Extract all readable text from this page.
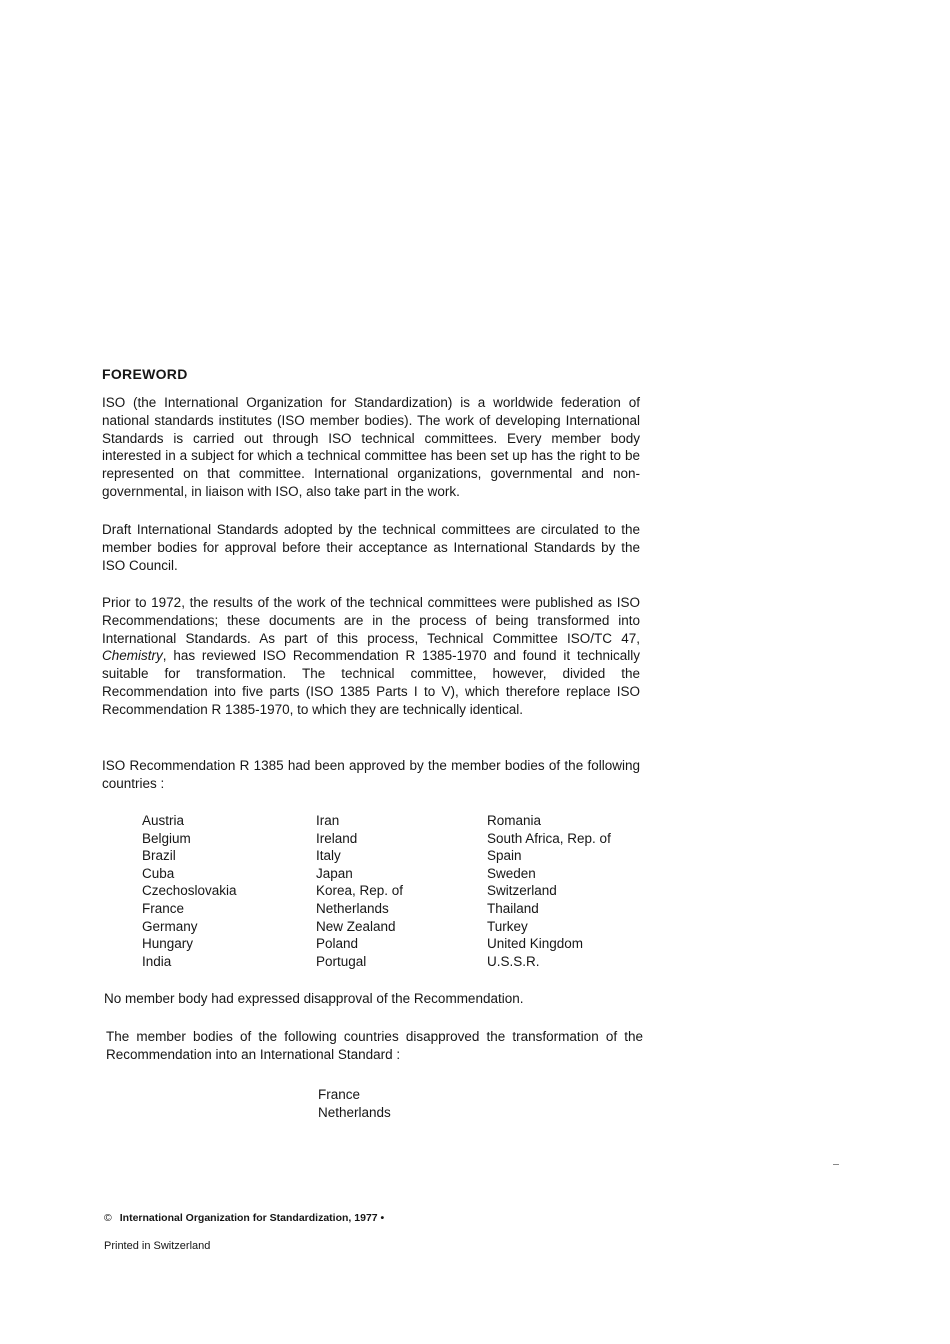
FOREWORD

ISO (the International Organization for Standardization) is a worldwide federation of national standards institutes (ISO member bodies). The work of developing International Standards is carried out through ISO technical committees. Every member body interested in a subject for which a technical committee has been set up has the right to be represented on that committee. International organizations, governmental and non-governmental, in liaison with ISO, also take part in the work.

Draft International Standards adopted by the technical committees are circulated to the member bodies for approval before their acceptance as International Standards by the ISO Council.

Prior to 1972, the results of the work of the technical committees were published as ISO Recommendations; these documents are in the process of being transformed into International Standards. As part of this process, Technical Committee ISO/TC 47, Chemistry, has reviewed ISO Recommendation R 1385-1970 and found it technically suitable for transformation. The technical committee, however, divided the Recommendation into five parts (ISO 1385 Parts I to V), which therefore replace ISO Recommendation R 1385-1970, to which they are technically identical.

ISO Recommendation R 1385 had been approved by the member bodies of the following countries :

Austria
Belgium
Brazil
Cuba
Czechoslovakia
France
Germany
Hungary
India
Iran
Ireland
Italy
Japan
Korea, Rep. of
Netherlands
New Zealand
Poland
Portugal
Romania
South Africa, Rep. of
Spain
Sweden
Switzerland
Thailand
Turkey
United Kingdom
U.S.S.R.

No member body had expressed disapproval of the Recommendation.

The member bodies of the following countries disapproved the transformation of the Recommendation into an International Standard :

France
Netherlands

© International Organization for Standardization, 1977 •

Printed in Switzerland
